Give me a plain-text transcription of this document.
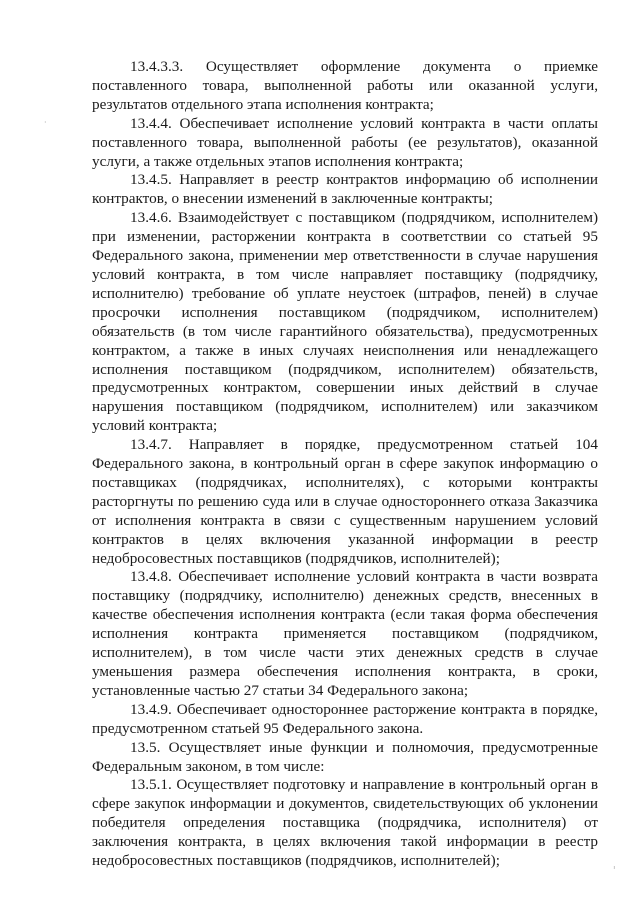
13.4.3.3. Осуществляет оформление документа о приемке поставленного товара, выполненной работы или оказанной услуги, результатов отдельного этапа исполнения контракта;

13.4.4. Обеспечивает исполнение условий контракта в части оплаты поставленного товара, выполненной работы (ее результатов), оказанной услуги, а также отдельных этапов исполнения контракта;

13.4.5. Направляет в реестр контрактов информацию об исполнении контрактов, о внесении изменений в заключенные контракты;

13.4.6. Взаимодействует с поставщиком (подрядчиком, исполнителем) при изменении, расторжении контракта в соответствии со статьей 95 Федерального закона, применении мер ответственности в случае нарушения условий контракта, в том числе направляет поставщику (подрядчику, исполнителю) требование об уплате неустоек (штрафов, пеней) в случае просрочки исполнения поставщиком (подрядчиком, исполнителем) обязательств (в том числе гарантийного обязательства), предусмотренных контрактом, а также в иных случаях неисполнения или ненадлежащего исполнения поставщиком (подрядчиком, исполнителем) обязательств, предусмотренных контрактом, совершении иных действий в случае нарушения поставщиком (подрядчиком, исполнителем) или заказчиком условий контракта;

13.4.7. Направляет в порядке, предусмотренном статьей 104 Федерального закона, в контрольный орган в сфере закупок информацию о поставщиках (подрядчиках, исполнителях), с которыми контракты расторгнуты по решению суда или в случае одностороннего отказа Заказчика от исполнения контракта в связи с существенным нарушением условий контрактов в целях включения указанной информации в реестр недобросовестных поставщиков (подрядчиков, исполнителей);

13.4.8. Обеспечивает исполнение условий контракта в части возврата поставщику (подрядчику, исполнителю) денежных средств, внесенных в качестве обеспечения исполнения контракта (если такая форма обеспечения исполнения контракта применяется поставщиком (подрядчиком, исполнителем), в том числе части этих денежных средств в случае уменьшения размера обеспечения исполнения контракта, в сроки, установленные частью 27 статьи 34 Федерального закона;

13.4.9. Обеспечивает одностороннее расторжение контракта в порядке, предусмотренном статьей 95 Федерального закона.

13.5. Осуществляет иные функции и полномочия, предусмотренные Федеральным законом, в том числе:

13.5.1. Осуществляет подготовку и направление в контрольный орган в сфере закупок информации и документов, свидетельствующих об уклонении победителя определения поставщика (подрядчика, исполнителя) от заключения контракта, в целях включения такой информации в реестр недобросовестных поставщиков (подрядчиков, исполнителей);

·
ⸯ
